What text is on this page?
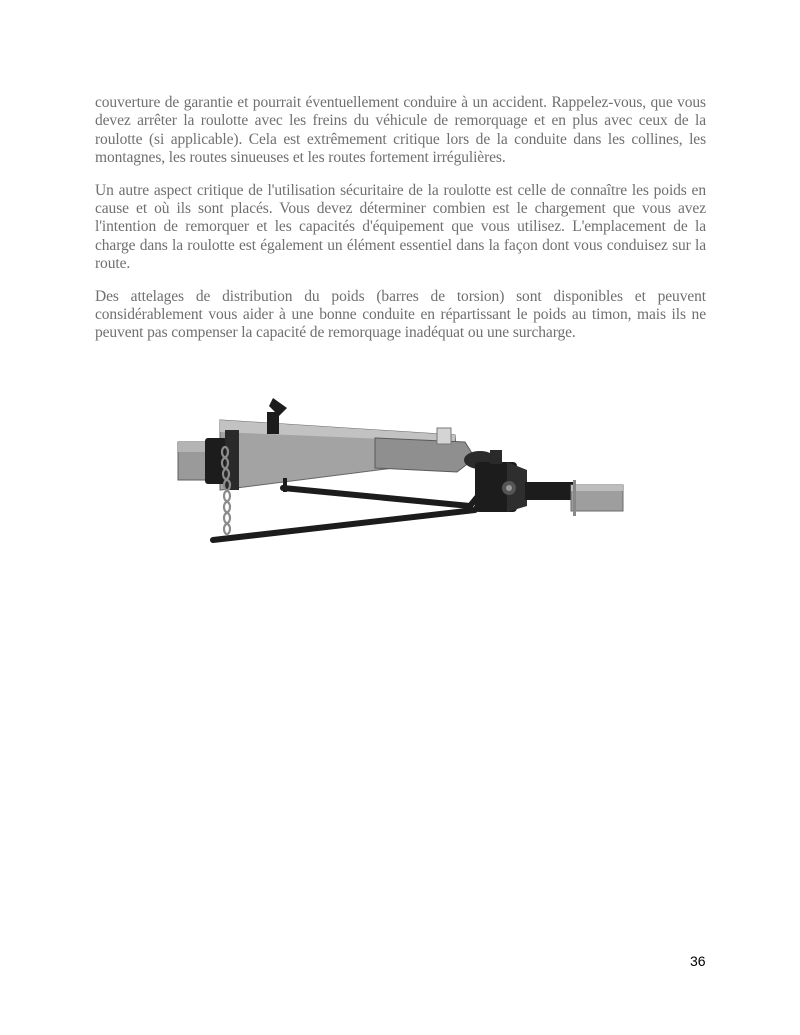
couverture de garantie et pourrait éventuellement conduire à un accident. Rappelez-vous, que vous devez arrêter la roulotte avec les freins du véhicule de remorquage et en plus avec ceux de la roulotte (si applicable). Cela est extrêmement critique lors de la conduite dans les collines, les montagnes, les routes sinueuses et les routes fortement irrégulières.

Un autre aspect critique de l'utilisation sécuritaire de la roulotte est celle de connaître les poids en cause et où ils sont placés. Vous devez déterminer combien est le chargement que vous avez l'intention de remorquer et les capacités d'équipement que vous utilisez. L'emplacement de la charge dans la roulotte est également un élément essentiel dans la façon dont vous conduisez sur la route.

Des attelages de distribution du poids (barres de torsion) sont disponibles et peuvent considérablement vous aider à une bonne conduite en répartissant le poids au timon, mais ils ne peuvent pas compenser la capacité de remorquage inadéquat ou une surcharge.

36
